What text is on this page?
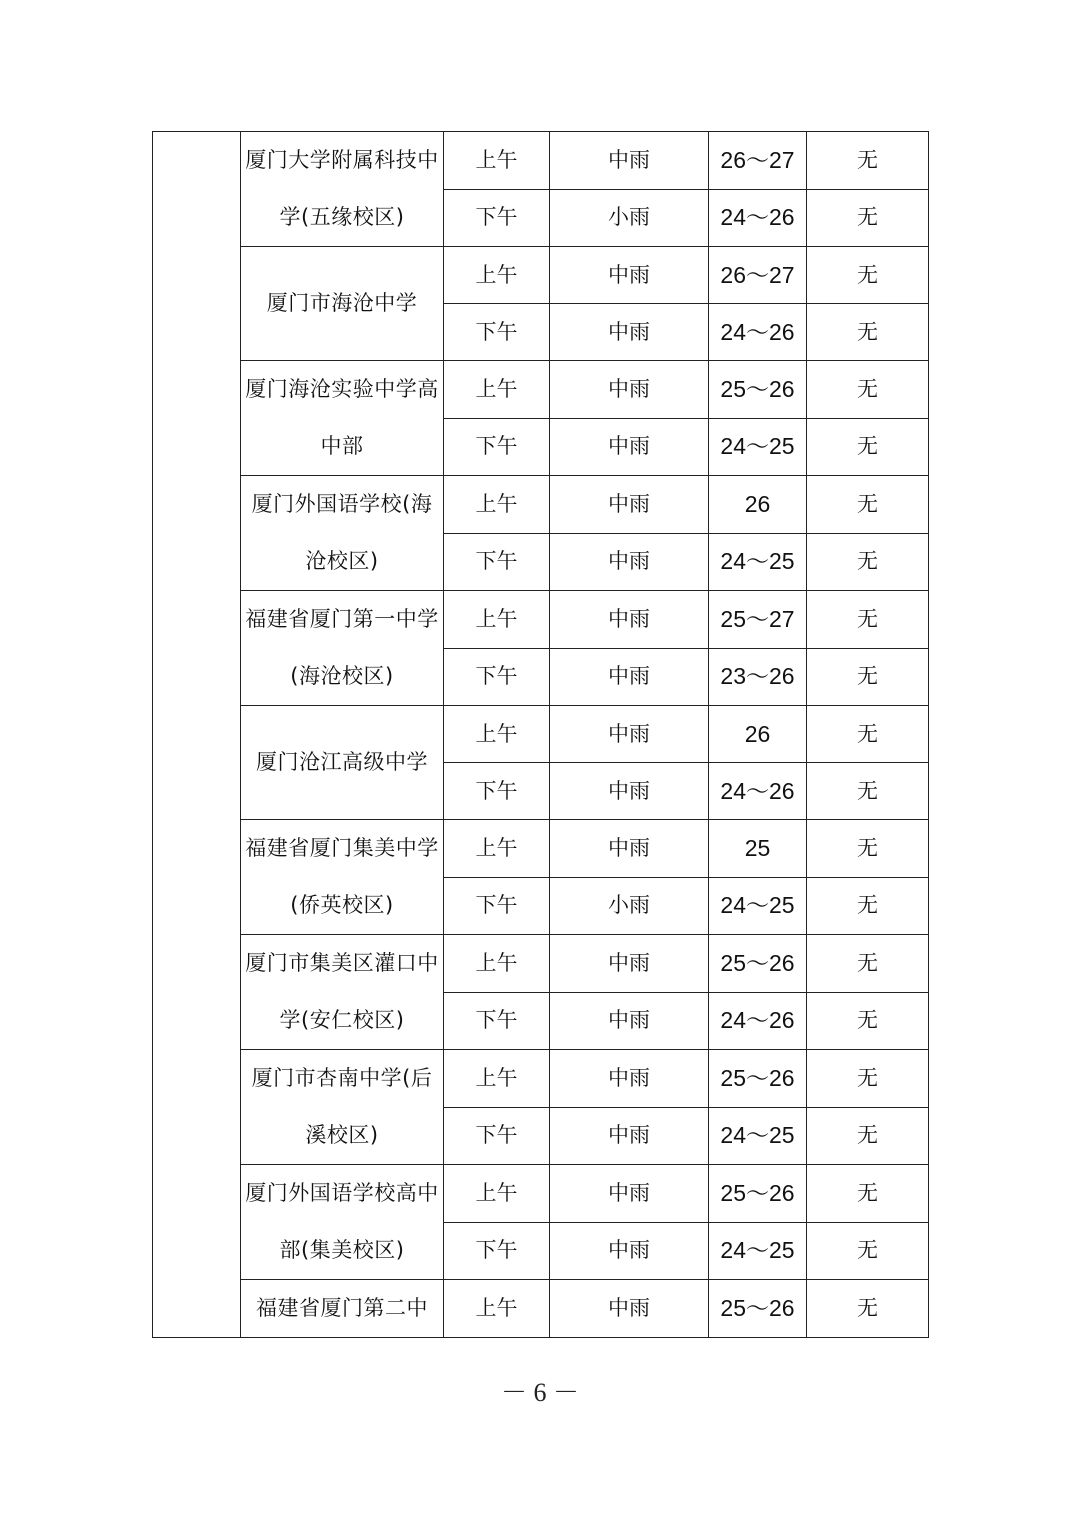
	厦门大学附属科技中学(五缘校区)	上午	中雨	26～27	无
		下午	小雨	24～26	无
	厦门市海沧中学	上午	中雨	26～27	无
		下午	中雨	24～26	无
	厦门海沧实验中学高中部	上午	中雨	25～26	无
		下午	中雨	24～25	无
	厦门外国语学校(海沧校区)	上午	中雨	26	无
		下午	中雨	24～25	无
	福建省厦门第一中学(海沧校区)	上午	中雨	25～27	无
		下午	中雨	23～26	无
	厦门沧江高级中学	上午	中雨	26	无
		下午	中雨	24～26	无
	福建省厦门集美中学(侨英校区)	上午	中雨	25	无
		下午	小雨	24～25	无
	厦门市集美区灌口中学(安仁校区)	上午	中雨	25～26	无
		下午	中雨	24～26	无
	厦门市杏南中学(后溪校区)	上午	中雨	25～26	无
		下午	中雨	24～25	无
	厦门外国语学校高中部(集美校区)	上午	中雨	25～26	无
		下午	中雨	24～25	无
	福建省厦门第二中	上午	中雨	25～26	无
－ 6 －
